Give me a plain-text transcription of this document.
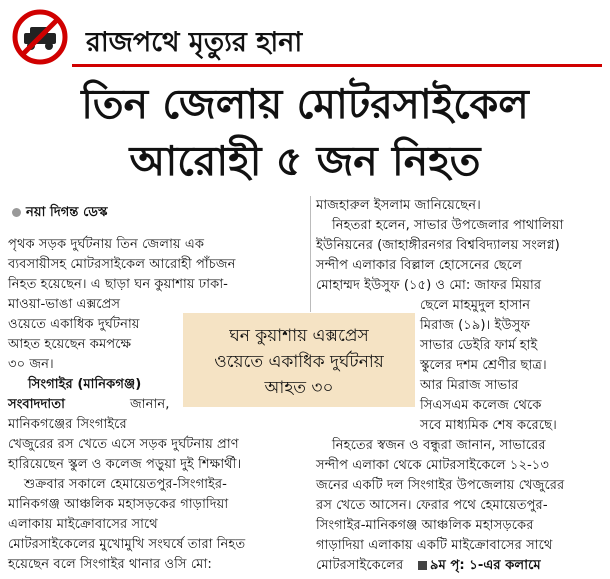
রাজপথে মৃত্যুর হানা
তিন জেলায় মোটরসাইকেল
আরোহী ৫ জন নিহত
নয়া দিগন্ত ডেস্ক
পৃথক সড়ক দুর্ঘটনায় তিন জেলায় এক
ব্যবসায়ীসহ মোটরসাইকেল আরোহী পাঁচজন
নিহত হয়েছেন। এ ছাড়া ঘন কুয়াশায় ঢাকা-
মাওয়া-ভাঙা এক্সপ্রেস
ওয়েতে একাধিক দুর্ঘটনায়
আহত হয়েছেন কমপক্ষে
৩০ জন।
সিংগাইর (মানিকগঞ্জ)
সংবাদদাতা	জানান,
মানিকগঞ্জের সিংগাইরে
খেজুরের রস খেতে এসে সড়ক দুর্ঘটনায় প্রাণ
হারিয়েছেন স্কুল ও কলেজ পড়ুয়া দুই শিক্ষার্থী।
শুক্রবার সকালে হেমায়েতপুর-সিংগাইর-
মানিকগঞ্জ আঞ্চলিক মহাসড়কের গাড়াদিয়া
এলাকায় মাইক্রোবাসের সাথে
মোটরসাইকেলের মুখোমুখি সংঘর্ষে তারা নিহত
হয়েছেন বলে সিংগাইর থানার ওসি মো:
মাজহারুল ইসলাম জানিয়েছেন।
নিহতরা হলেন, সাভার উপজেলার পাথালিয়া
ইউনিয়নের (জাহাঙ্গীরনগর বিশ্ববিদ্যালয় সংলগ্ন)
সন্দীপ এলাকার বিল্লাল হোসেনের ছেলে
মোহাম্মদ ইউসুফ (১৫) ও মো: জাফর মিয়ার
ছেলে মাহমুদুল হাসান
মিরাজ (১৯)। ইউসুফ
সাভার ডেইরি ফার্ম হাই
স্কুলের দশম শ্রেণীর ছাত্র।
আর মিরাজ সাভার
সিএসএম কলেজ থেকে
সবে মাধ্যমিক শেষ করেছে।
নিহতের স্বজন ও বন্ধুরা জানান, সাভারের
সন্দীপ এলাকা থেকে মোটরসাইকেলে ১২-১৩
জনের একটি দল সিংগাইর উপজেলায় খেজুরের
রস খেতে আসেন। ফেরার পথে হেমায়েতপুর-
সিংগাইর-মানিকগঞ্জ আঞ্চলিক মহাসড়কের
গাড়াদিয়া এলাকায় একটি মাইক্রোবাসের সাথে
মোটরসাইকেলের	৯ম পৃ: ১-এর কলামে
ঘন কুয়াশায় এক্সপ্রেস
ওয়েতে একাধিক দুর্ঘটনায়
আহত ৩০
